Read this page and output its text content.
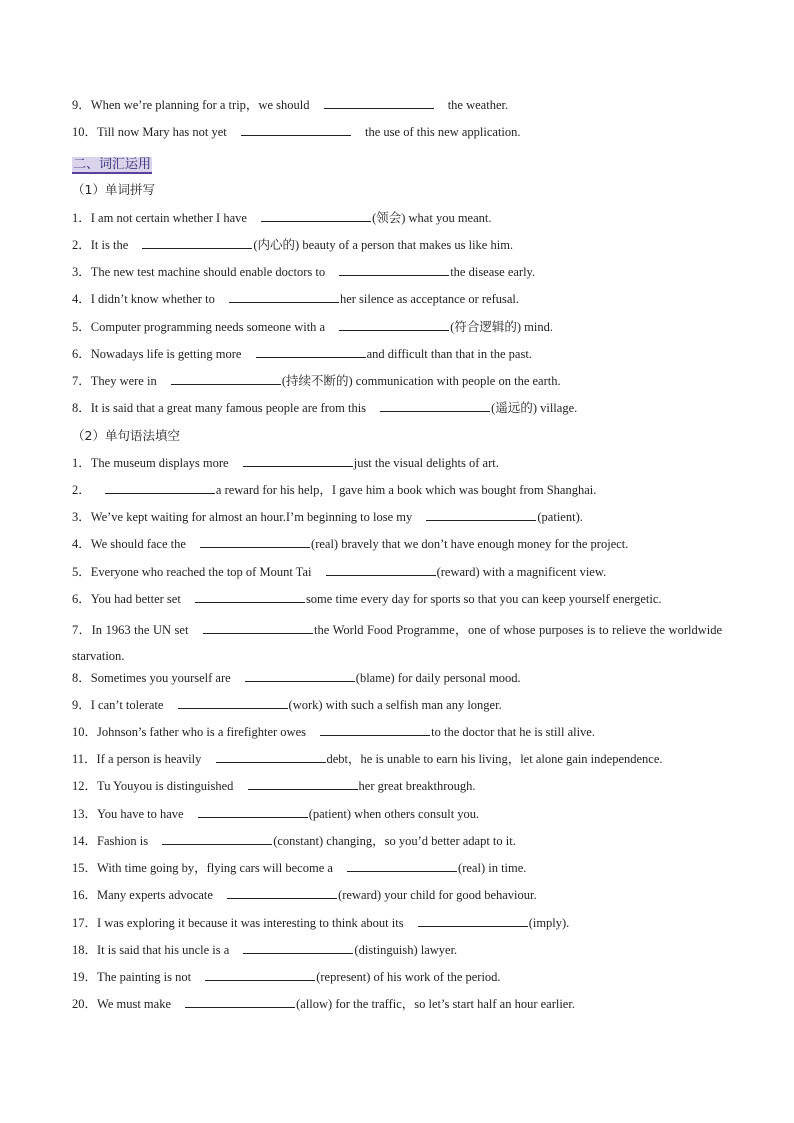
9．When we’re planning for a trip，we should	the weather.
10．Till now Mary has not yet	the use of this new application.
二、词汇运用
（1）单词拼写
1．I am not certain whether I have	(领会) what you meant.
2．It is the	(内心的) beauty of a person that makes us like him.
3．The new test machine should enable doctors to	the disease early.
4．I didn’t know whether to	her silence as acceptance or refusal.
5．Computer programming needs someone with a	(符合逻辑的) mind.
6．Nowadays life is getting more	and difficult than that in the past.
7．They were in	(持续不断的) communication with people on the earth.
8．It is said that a great many famous people are from this	(遥远的) village.
（2）单句语法填空
1．The museum displays more	just the visual delights of art.
2．	a reward for his help，I gave him a book which was bought from Shanghai.
3．We’ve kept waiting for almost an hour.I’m beginning to lose my	(patient).
4．We should face the	(real) bravely that we don’t have enough money for the project.
5．Everyone who reached the top of Mount Tai	(reward) with a magnificent view.
6．You had better set	some time every day for sports so that you can keep yourself energetic.
7．In 1963 the UN set	the World Food Programme，one of whose purposes is to relieve the worldwide starvation.
8．Sometimes you yourself are	(blame) for daily personal mood.
9．I can’t tolerate	(work) with such a selfish man any longer.
10．Johnson’s father who is a firefighter owes	to the doctor that he is still alive.
11．If a person is heavily	debt，he is unable to earn his living，let alone gain independence.
12．Tu Youyou is distinguished	her great breakthrough.
13．You have to have	(patient) when others consult you.
14．Fashion is	(constant) changing，so you’d better adapt to it.
15．With time going by，flying cars will become a	(real) in time.
16．Many experts advocate	(reward) your child for good behaviour.
17．I was exploring it because it was interesting to think about its	(imply).
18．It is said that his uncle is a	(distinguish) lawyer.
19．The painting is not	(represent) of his work of the period.
20．We must make	(allow) for the traffic，so let’s start half an hour earlier.
